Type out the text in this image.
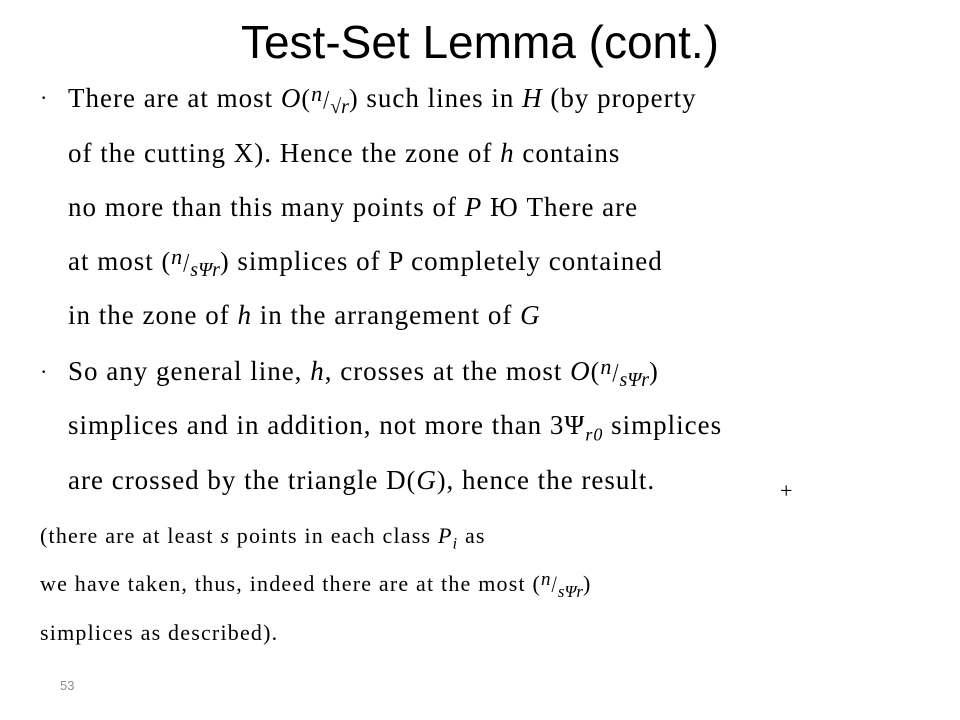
Test-Set Lemma (cont.)
· There are at most O(n/√r) such lines in H (by property
of the cutting X). Hence the zone of h contains
no more than this many points of P Ю There are
at most (n/sΨr) simplices of P completely contained
in the zone of h in the arrangement of G
· So any general line, h, crosses at the most O(n/sΨr)
simplices and in addition, not more than $3\Psi_{r0}$ simplices
are crossed by the triangle D(G), hence the result.	+
(there are at least s points in each class $P_i$ as
we have taken, thus, indeed there are at the most (n/sΨr)
simplices as described).
53
